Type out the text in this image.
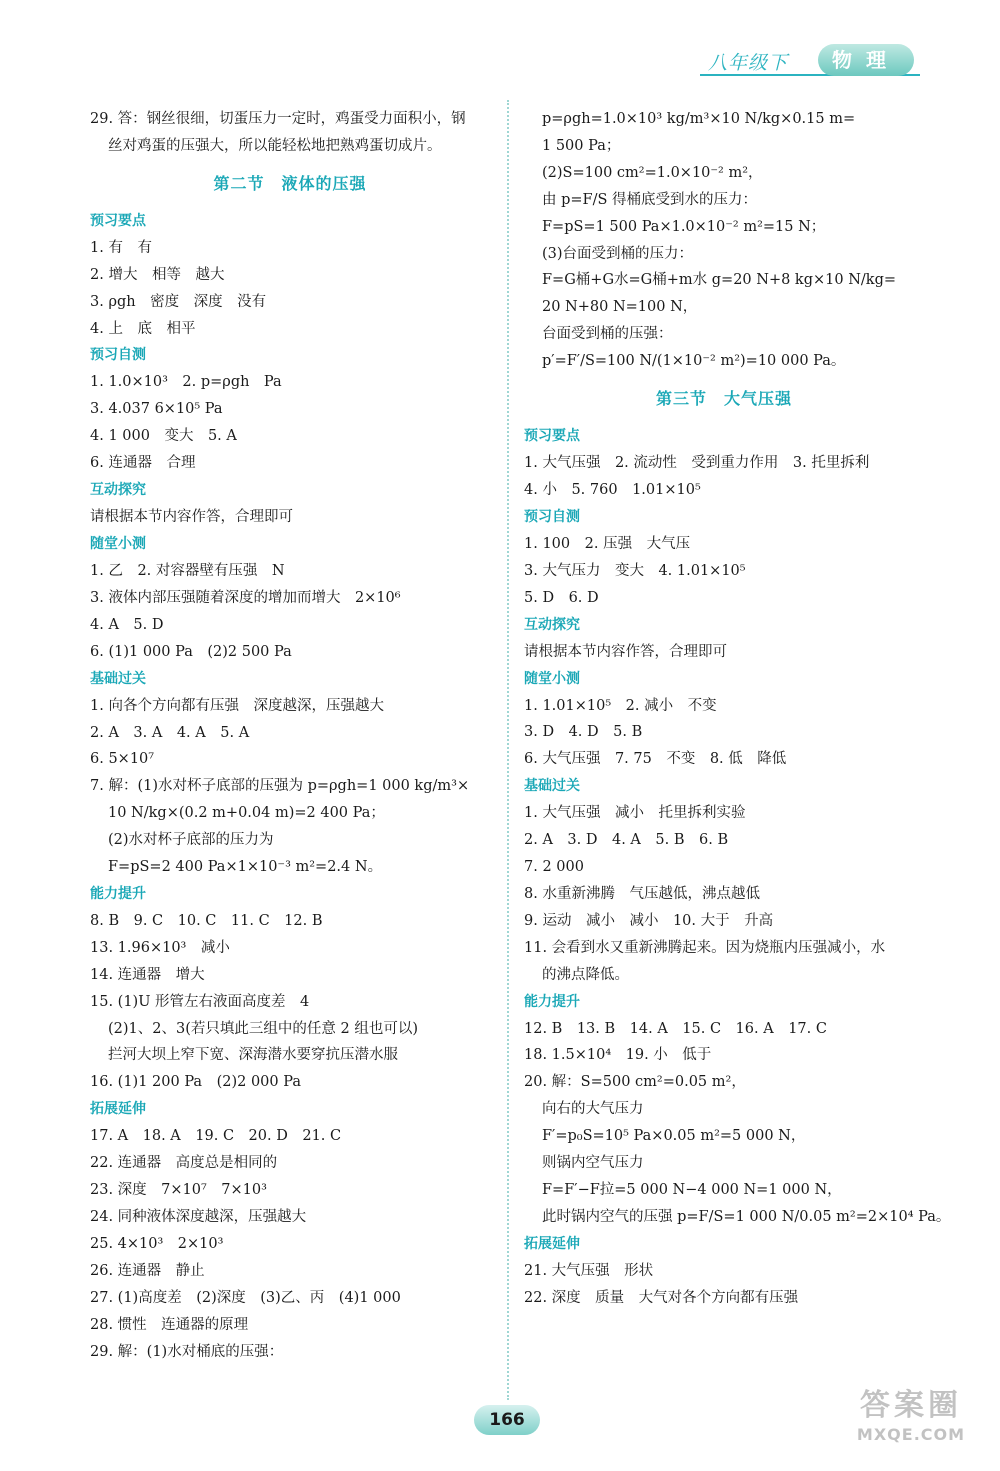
八年级下	物理
29. 答：钢丝很细，切蛋压力一定时，鸡蛋受力面积小，钢
丝对鸡蛋的压强大，所以能轻松地把熟鸡蛋切成片。
第二节　液体的压强
预习要点
1. 有　有
2. 增大　相等　越大
3. ρgh　密度　深度　没有
4. 上　底　相平
预习自测
1. 1.0×10³　2. p=ρgh　Pa
3. 4.037 6×10⁵ Pa
4. 1 000　变大　5. A
6. 连通器　合理
互动探究
请根据本节内容作答，合理即可
随堂小测
1. 乙　2. 对容器壁有压强　N
3. 液体内部压强随着深度的增加而增大　2×10⁶
4. A　5. D
6. (1)1 000 Pa　(2)2 500 Pa
基础过关
1. 向各个方向都有压强　深度越深，压强越大
2. A　3. A　4. A　5. A
6. 5×10⁷
7. 解：(1)水对杯子底部的压强为 p=ρgh=1 000 kg/m³×
10 N/kg×(0.2 m+0.04 m)=2 400 Pa；
(2)水对杯子底部的压力为
F=pS=2 400 Pa×1×10⁻³ m²=2.4 N。
能力提升
8. B　9. C　10. C　11. C　12. B
13. 1.96×10³　减小
14. 连通器　增大
15. (1)U 形管左右液面高度差　4
(2)1、2、3(若只填此三组中的任意 2 组也可以)
拦河大坝上窄下宽、深海潜水要穿抗压潜水服
16. (1)1 200 Pa　(2)2 000 Pa
拓展延伸
17. A　18. A　19. C　20. D　21. C
22. 连通器　高度总是相同的
23. 深度　7×10⁷　7×10³
24. 同种液体深度越深，压强越大
25. 4×10³　2×10³
26. 连通器　静止
27. (1)高度差　(2)深度　(3)乙、丙　(4)1 000
28. 惯性　连通器的原理
29. 解：(1)水对桶底的压强：
p=ρgh=1.0×10³ kg/m³×10 N/kg×0.15 m=
1 500 Pa；
(2)S=100 cm²=1.0×10⁻² m²，
由 p=F/S 得桶底受到水的压力：
F=pS=1 500 Pa×1.0×10⁻² m²=15 N；
(3)台面受到桶的压力：
F=G桶+G水=G桶+m水 g=20 N+8 kg×10 N/kg=
20 N+80 N=100 N，
台面受到桶的压强：
p′=F′/S=100 N/(1×10⁻² m²)=10 000 Pa。
第三节　大气压强
预习要点
1. 大气压强　2. 流动性　受到重力作用　3. 托里拆利
4. 小　5. 760　1.01×10⁵
预习自测
1. 100　2. 压强　大气压
3. 大气压力　变大　4. 1.01×10⁵
5. D　6. D
互动探究
请根据本节内容作答，合理即可
随堂小测
1. 1.01×10⁵　2. 减小　不变
3. D　4. D　5. B
6. 大气压强　7. 75　不变　8. 低　降低
基础过关
1. 大气压强　减小　托里拆利实验
2. A　3. D　4. A　5. B　6. B
7. 2 000
8. 水重新沸腾　气压越低，沸点越低
9. 运动　减小　减小　10. 大于　升高
11. 会看到水又重新沸腾起来。因为烧瓶内压强减小，水
的沸点降低。
能力提升
12. B　13. B　14. A　15. C　16. A　17. C
18. 1.5×10⁴　19. 小　低于
20. 解：S=500 cm²=0.05 m²，
向右的大气压力
F′=p₀S=10⁵ Pa×0.05 m²=5 000 N，
则锅内空气压力
F=F′−F拉=5 000 N−4 000 N=1 000 N，
此时锅内空气的压强 p=F/S=1 000 N/0.05 m²=2×10⁴ Pa。
拓展延伸
21. 大气压强　形状
22. 深度　质量　大气对各个方向都有压强
166	答案圈
MXQE.COM
